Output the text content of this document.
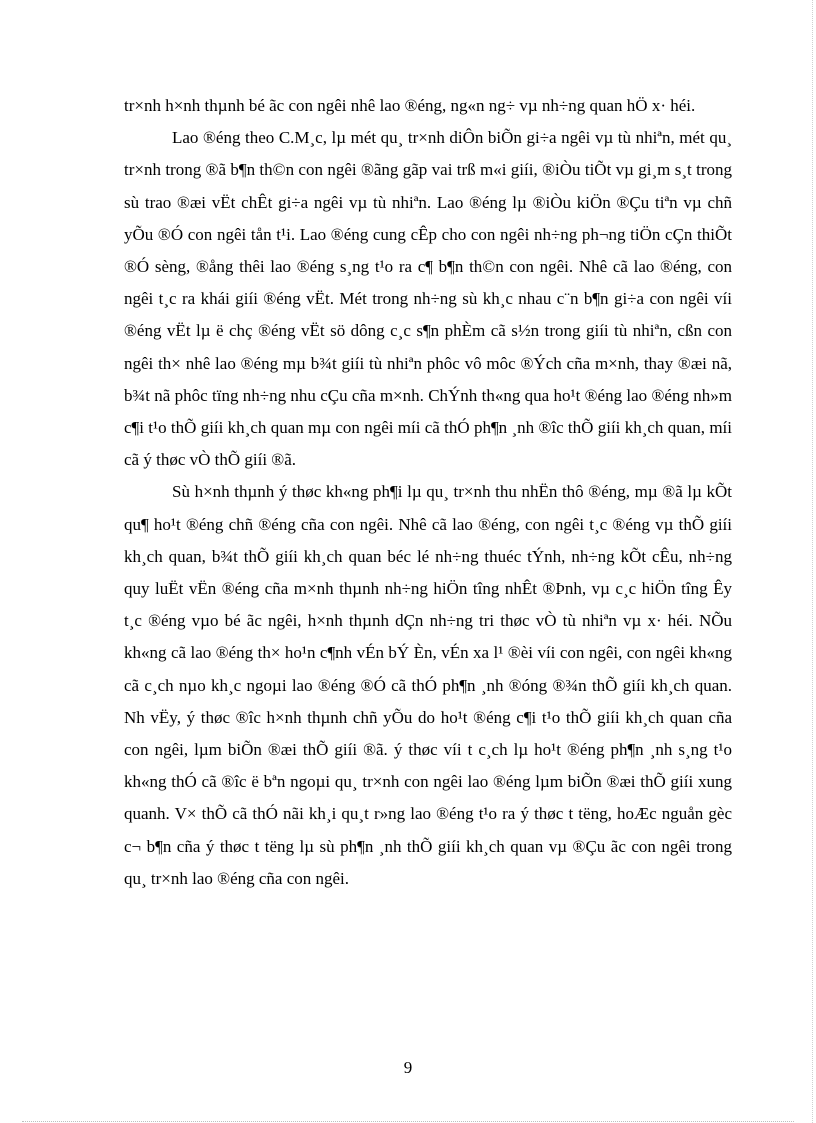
tr×nh h×nh thµnh bé ãc con ngêi nhê lao ®éng, ng«n ng÷ vµ nh÷ng quan hÖ x· héi.

Lao ®éng theo C.M¸c, lµ mét qu¸ tr×nh diÔn biÕn gi÷a ngêi vµ tù nhiªn, mét qu¸ tr×nh trong ®ã b¶n th©n con ngêi ®ãng gãp vai trß m«i giíi, ®iÒu tiÕt vµ gi¸m s¸t trong sù trao ®æi vËt chÊt gi÷a ngêi vµ tù nhiªn. Lao ®éng lµ ®iÒu kiÖn ®Çu tiªn vµ chñ yÕu ®Ó con ngêi tån t¹i. Lao ®éng cung cÊp cho con ngêi nh÷ng ph¬ng tiÖn cÇn thiÕt ®Ó sèng, ®ång thêi lao ®éng s¸ng t¹o ra c¶ b¶n th©n con ngêi. Nhê cã lao ®éng, con ngêi t¸c ra khái giíi ®éng vËt. Mét trong nh÷ng sù kh¸c nhau c¨n b¶n gi÷a con ngêi víi ®éng vËt lµ ë chç ®éng vËt sö dông c¸c s¶n phÈm cã s½n trong giíi tù nhiªn, cßn con ngêi th× nhê lao ®éng mµ b¾t giíi tù nhiªn phôc vô môc ®Ých cña m×nh, thay ®æi nã, b¾t nã phôc tïng nh÷ng nhu cÇu cña m×nh. ChÝnh th«ng qua ho¹t ®éng lao ®éng nh»m c¶i t¹o thÕ giíi kh¸ch quan mµ con ngêi míi cã thÓ ph¶n ¸nh ®îc thÕ giíi kh¸ch quan, míi cã ý thøc vÒ thÕ giíi ®ã.

Sù h×nh thµnh ý thøc kh«ng ph¶i lµ qu¸ tr×nh thu nhËn thô ®éng, mµ ®ã lµ kÕt qu¶ ho¹t ®éng chñ ®éng cña con ngêi. Nhê cã lao ®éng, con ngêi t¸c ®éng vµ thÕ giíi kh¸ch quan, b¾t thÕ giíi kh¸ch quan béc lé nh÷ng thuéc tÝnh, nh÷ng kÕt cÊu, nh÷ng quy luËt vËn ®éng cña m×nh thµnh nh÷ng hiÖn tîng nhÊt ®Þnh, vµ c¸c hiÖn tîng Êy t¸c ®éng vµo bé ãc ngêi, h×nh thµnh dÇn nh÷ng tri thøc vÒ tù nhiªn vµ x· héi. NÕu kh«ng cã lao ®éng th× ho¹n c¶nh vÉn bÝ Èn, vÉn xa l¹ ®èi víi con ngêi, con ngêi kh«ng cã c¸ch nµo kh¸c ngoµi lao ®éng ®Ó cã thÓ ph¶n ¸nh ®óng ®¾n thÕ giíi kh¸ch quan. Nh vËy, ý thøc ®îc h×nh thµnh chñ yÕu do ho¹t ®éng c¶i t¹o thÕ giíi kh¸ch quan cña con ngêi, lµm biÕn ®æi thÕ giíi ®ã. ý thøc víi t c¸ch lµ ho¹t ®éng ph¶n ¸nh s¸ng t¹o kh«ng thÓ cã ®îc ë bªn ngoµi qu¸ tr×nh con ngêi lao ®éng lµm biÕn ®æi thÕ giíi xung quanh. V× thÕ cã thÓ nãi kh¸i qu¸t r»ng lao ®éng t¹o ra ý thøc t tëng, hoÆc nguån gèc c¬ b¶n cña ý thøc t tëng lµ sù ph¶n ¸nh thÕ giíi kh¸ch quan vµ ®Çu ãc con ngêi trong qu¸ tr×nh lao ®éng cña con ngêi.

9
